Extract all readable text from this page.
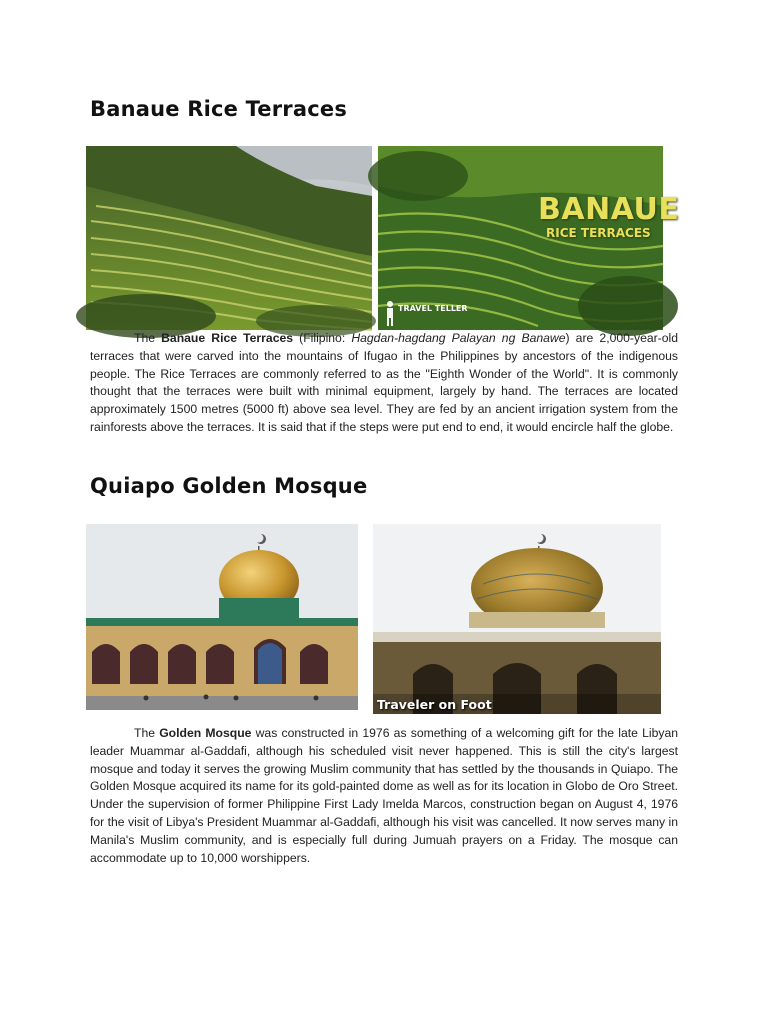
Banaue Rice Terraces
BANAUE
RICE TERRACES
TRAVEL TELLER

The Banaue Rice Terraces (Filipino: Hagdan-hagdang Palayan ng Banawe) are 2,000-year-old terraces that were carved into the mountains of Ifugao in the Philippines by ancestors of the indigenous people. The Rice Terraces are commonly referred to as the "Eighth Wonder of the World". It is commonly thought that the terraces were built with minimal equipment, largely by hand. The terraces are located approximately 1500 metres (5000 ft) above sea level. They are fed by an ancient irrigation system from the rainforests above the terraces. It is said that if the steps were put end to end, it would encircle half the globe.

Quiapo Golden Mosque
Traveler on Foot

The Golden Mosque was constructed in 1976 as something of a welcoming gift for the late Libyan leader Muammar al-Gaddafi, although his scheduled visit never happened. This is still the city's largest mosque and today it serves the growing Muslim community that has settled by the thousands in Quiapo. The Golden Mosque acquired its name for its gold-painted dome as well as for its location in Globo de Oro Street. Under the supervision of former Philippine First Lady Imelda Marcos, construction began on August 4, 1976 for the visit of Libya's President Muammar al-Gaddafi, although his visit was cancelled. It now serves many in Manila's Muslim community, and is especially full during Jumuah prayers on a Friday. The mosque can accommodate up to 10,000 worshippers.
